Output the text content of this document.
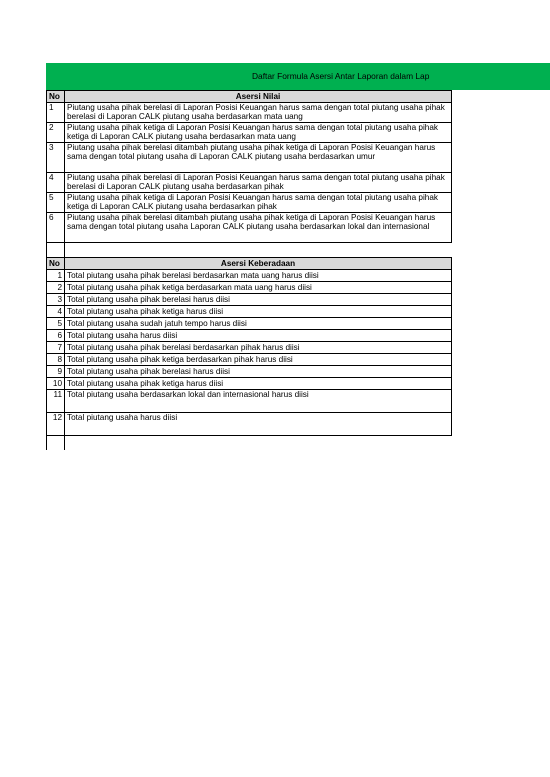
Daftar Formula Asersi Antar Laporan dalam Lap
No	Asersi Nilai
1	Piutang usaha pihak berelasi di Laporan Posisi Keuangan harus sama dengan total piutang usaha pihak berelasi di Laporan CALK piutang usaha berdasarkan mata uang
2	Piutang usaha pihak ketiga di Laporan Posisi Keuangan harus sama dengan total piutang usaha pihak ketiga di Laporan CALK piutang usaha berdasarkan mata uang
3	Piutang usaha pihak berelasi ditambah piutang usaha pihak ketiga di Laporan Posisi Keuangan harus sama dengan total piutang usaha di Laporan CALK piutang usaha berdasarkan umur
4	Piutang usaha pihak berelasi di Laporan Posisi Keuangan harus sama dengan total piutang usaha pihak berelasi di Laporan CALK piutang usaha berdasarkan pihak
5	Piutang usaha pihak ketiga di Laporan Posisi Keuangan harus sama dengan total piutang usaha pihak ketiga di Laporan CALK piutang usaha berdasarkan pihak
6	Piutang usaha pihak berelasi ditambah piutang usaha pihak ketiga di Laporan Posisi Keuangan harus sama dengan total piutang usaha Laporan CALK piutang usaha berdasarkan lokal dan internasional

No	Asersi Keberadaan
1	Total piutang usaha pihak berelasi berdasarkan mata uang harus diisi
2	Total piutang usaha pihak ketiga berdasarkan mata uang harus diisi
3	Total piutang usaha pihak berelasi harus diisi
4	Total piutang usaha pihak ketiga harus diisi
5	Total piutang usaha sudah jatuh tempo harus diisi
6	Total piutang usaha harus diisi
7	Total piutang usaha pihak berelasi berdasarkan pihak harus diisi
8	Total piutang usaha pihak ketiga berdasarkan pihak harus diisi
9	Total piutang usaha pihak berelasi harus diisi
10	Total piutang usaha pihak ketiga harus diisi
11	Total piutang usaha berdasarkan lokal dan internasional harus diisi
12	Total piutang usaha harus diisi
